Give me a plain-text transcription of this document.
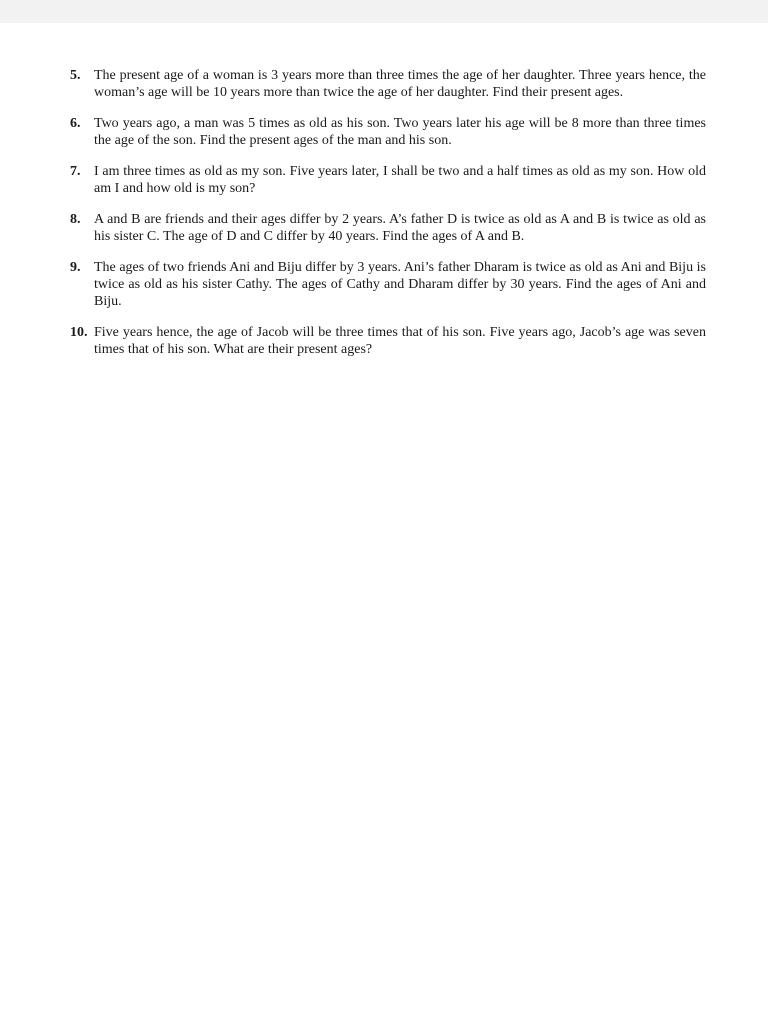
5. The present age of a woman is 3 years more than three times the age of her daughter. Three years hence, the woman’s age will be 10 years more than twice the age of her daughter. Find their present ages.
6. Two years ago, a man was 5 times as old as his son. Two years later his age will be 8 more than three times the age of the son. Find the present ages of the man and his son.
7. I am three times as old as my son. Five years later, I shall be two and a half times as old as my son. How old am I and how old is my son?
8. A and B are friends and their ages differ by 2 years. A’s father D is twice as old as A and B is twice as old as his sister C. The age of D and C differ by 40 years. Find the ages of A and B.
9. The ages of two friends Ani and Biju differ by 3 years. Ani’s father Dharam is twice as old as Ani and Biju is twice as old as his sister Cathy. The ages of Cathy and Dharam differ by 30 years. Find the ages of Ani and Biju.
10. Five years hence, the age of Jacob will be three times that of his son. Five years ago, Jacob’s age was seven times that of his son. What are their present ages?
